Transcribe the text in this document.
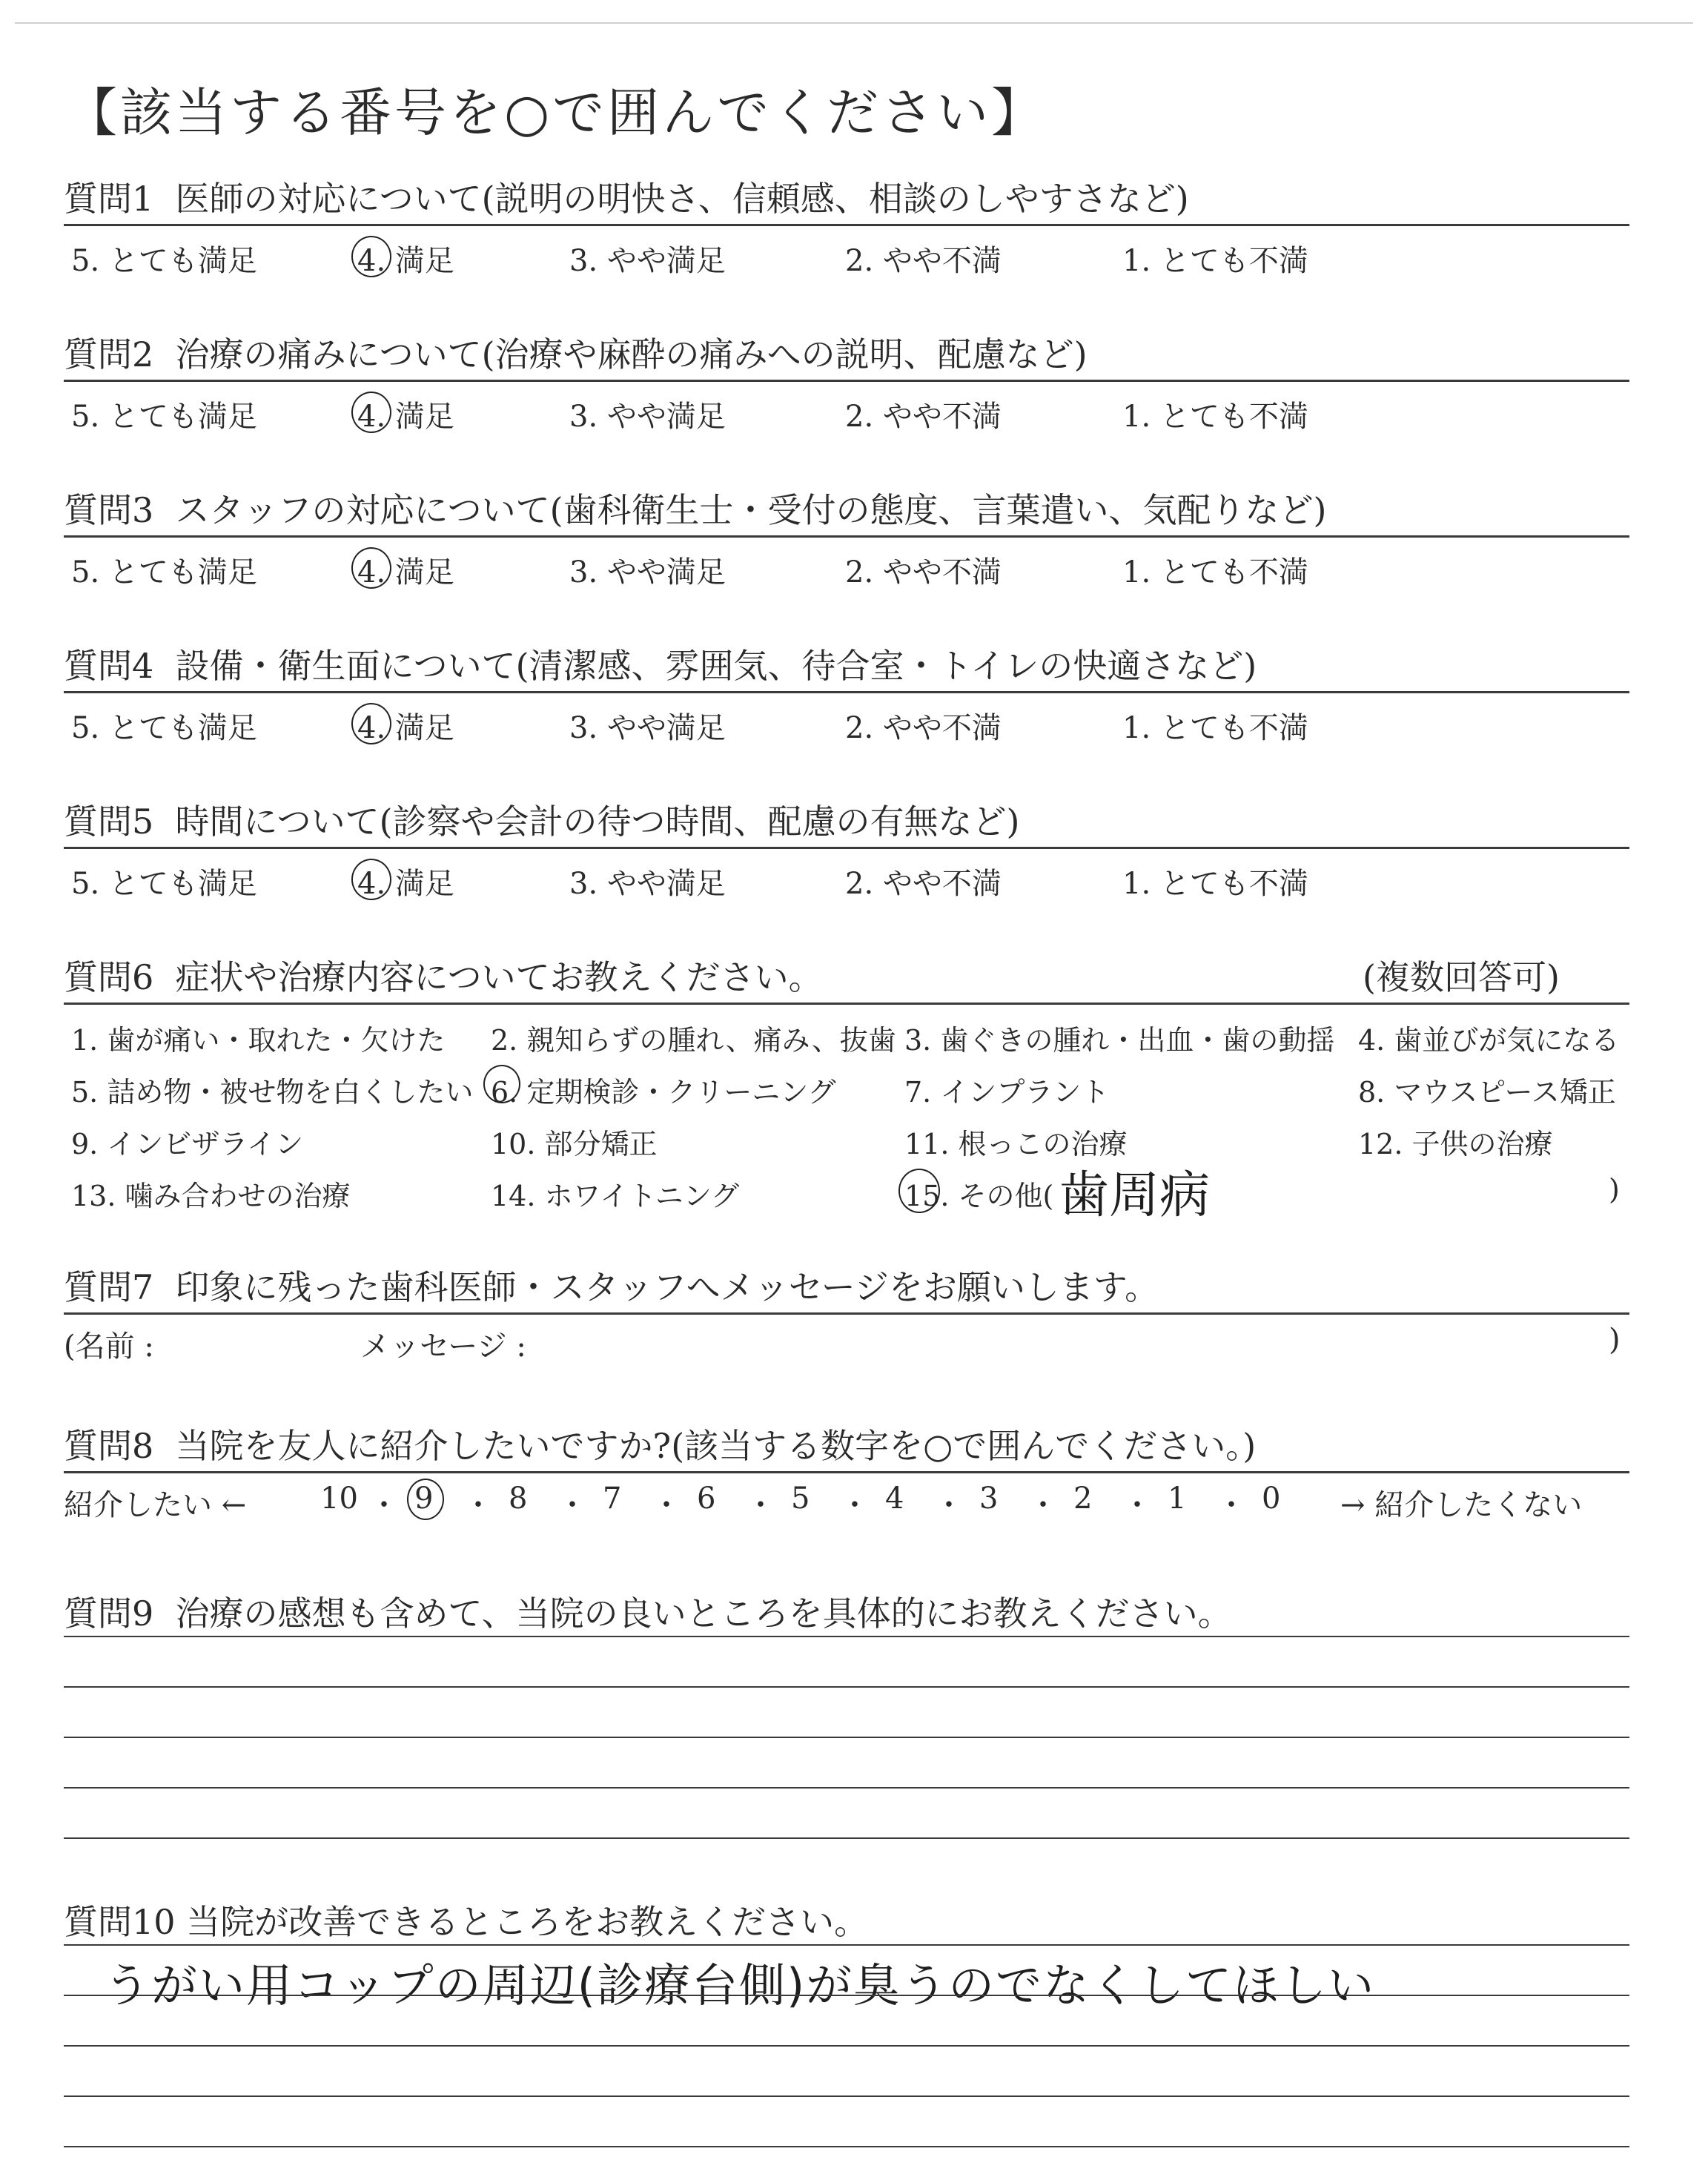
【該当する番号を○で囲んでください】
質問1 医師の対応について(説明の明快さ、信頼感、相談のしやすさなど)
5. とても満足	4. 満足	3. やや満足	2. やや不満	1. とても不満
質問2 治療の痛みについて(治療や麻酔の痛みへの説明、配慮など)
5. とても満足	4. 満足	3. やや満足	2. やや不満	1. とても不満
質問3 スタッフの対応について(歯科衛生士・受付の態度、言葉遣い、気配りなど)
5. とても満足	4. 満足	3. やや満足	2. やや不満	1. とても不満
質問4 設備・衛生面について(清潔感、雰囲気、待合室・トイレの快適さなど)
5. とても満足	4. 満足	3. やや満足	2. やや不満	1. とても不満
質問5 時間について(診察や会計の待つ時間、配慮の有無など)
5. とても満足	4. 満足	3. やや満足	2. やや不満	1. とても不満
質問6 症状や治療内容についてお教えください。	(複数回答可)
1. 歯が痛い・取れた・欠けた 2. 親知らずの腫れ、痛み、抜歯 3. 歯ぐきの腫れ・出血・歯の動揺 4. 歯並びが気になる
5. 詰め物・被せ物を白くしたい 6. 定期検診・クリーニング 7. インプラント	8. マウスピース矯正
9. インビザライン	10. 部分矯正	11. 根っこの治療	12. 子供の治療
13. 噛み合わせの治療	14. ホワイトニング	15. その他( 歯周病	)
質問7 印象に残った歯科医師・スタッフへメッセージをお願いします。
(名前 :	メッセージ :	)
質問8 当院を友人に紹介したいですか?(該当する数字を○で囲んでください。)
紹介したい ← 10 ・ 9 ・ 8 ・ 7 ・ 6 ・ 5 ・ 4 ・ 3 ・ 2 ・ 1 ・ 0 → 紹介したくない
質問9 治療の感想も含めて、当院の良いところを具体的にお教えください。
質問10 当院が改善できるところをお教えください。
うがい用コップの周辺(診療台側)が臭うのでなくしてほしい
